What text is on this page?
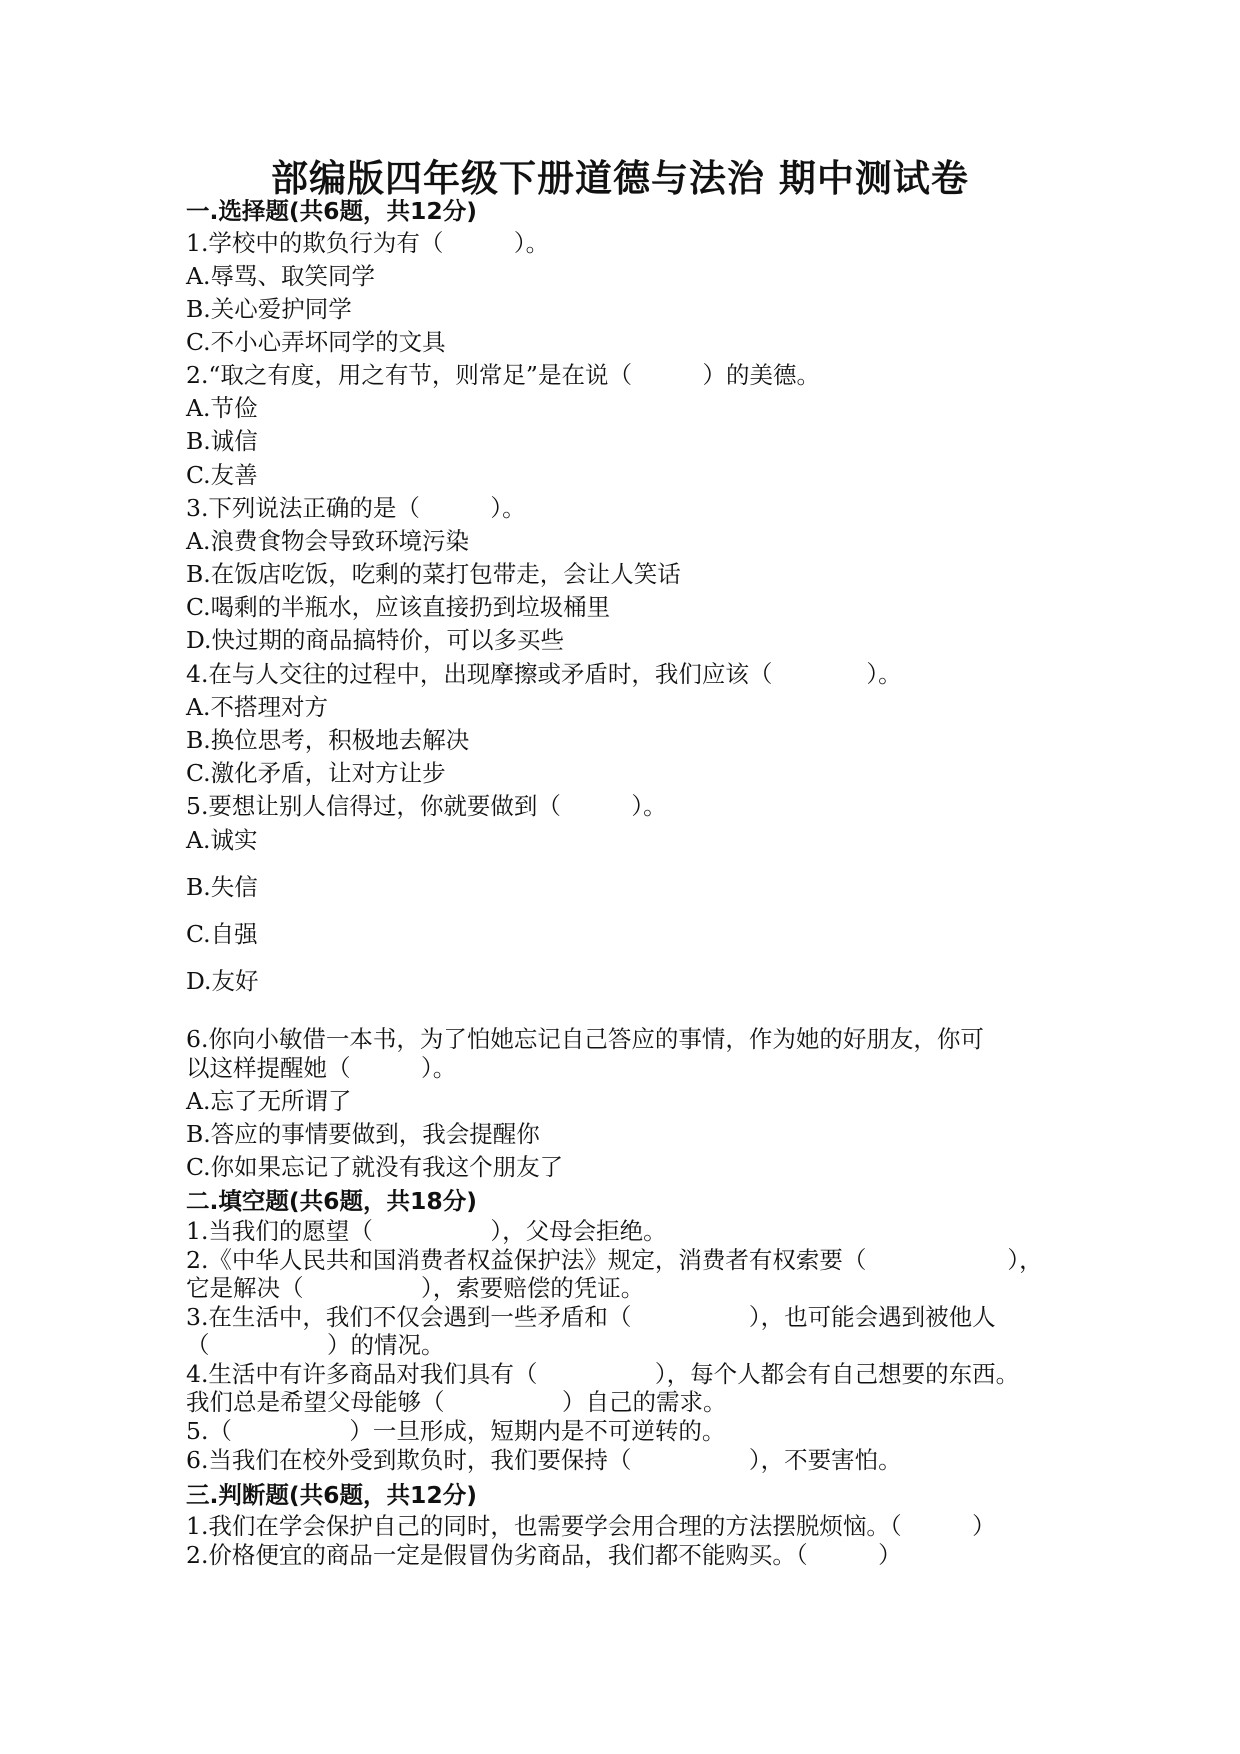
部编版四年级下册道德与法治 期中测试卷
一.选择题(共6题，共12分)
1.学校中的欺负行为有（　　　）。
A.辱骂、取笑同学
B.关心爱护同学
C.不小心弄坏同学的文具
2.“取之有度，用之有节，则常足”是在说（　　　）的美德。
A.节俭
B.诚信
C.友善
3.下列说法正确的是（　　　）。
A.浪费食物会导致环境污染
B.在饭店吃饭，吃剩的菜打包带走，会让人笑话
C.喝剩的半瓶水，应该直接扔到垃圾桶里
D.快过期的商品搞特价，可以多买些
4.在与人交往的过程中，出现摩擦或矛盾时，我们应该（　　　　）。
A.不搭理对方
B.换位思考，积极地去解决
C.激化矛盾，让对方让步
5.要想让别人信得过，你就要做到（　　　）。
A.诚实
B.失信
C.自强
D.友好
6.你向小敏借一本书，为了怕她忘记自己答应的事情，作为她的好朋友，你可
以这样提醒她（　　　）。
A.忘了无所谓了
B.答应的事情要做到，我会提醒你
C.你如果忘记了就没有我这个朋友了
二.填空题(共6题，共18分)
1.当我们的愿望（　　　　　），父母会拒绝。
2.《中华人民共和国消费者权益保护法》规定，消费者有权索要（　　　　　　），
它是解决（　　　　　），索要赔偿的凭证。
3.在生活中，我们不仅会遇到一些矛盾和（　　　　　），也可能会遇到被他人
（　　　　　）的情况。
4.生活中有许多商品对我们具有（　　　　　），每个人都会有自己想要的东西。
我们总是希望父母能够（　　　　　）自己的需求。
5.（　　　　　）一旦形成，短期内是不可逆转的。
6.当我们在校外受到欺负时，我们要保持（　　　　　），不要害怕。
三.判断题(共6题，共12分)
1.我们在学会保护自己的同时，也需要学会用合理的方法摆脱烦恼。（　　　）
2.价格便宜的商品一定是假冒伪劣商品，我们都不能购买。（　　　）
